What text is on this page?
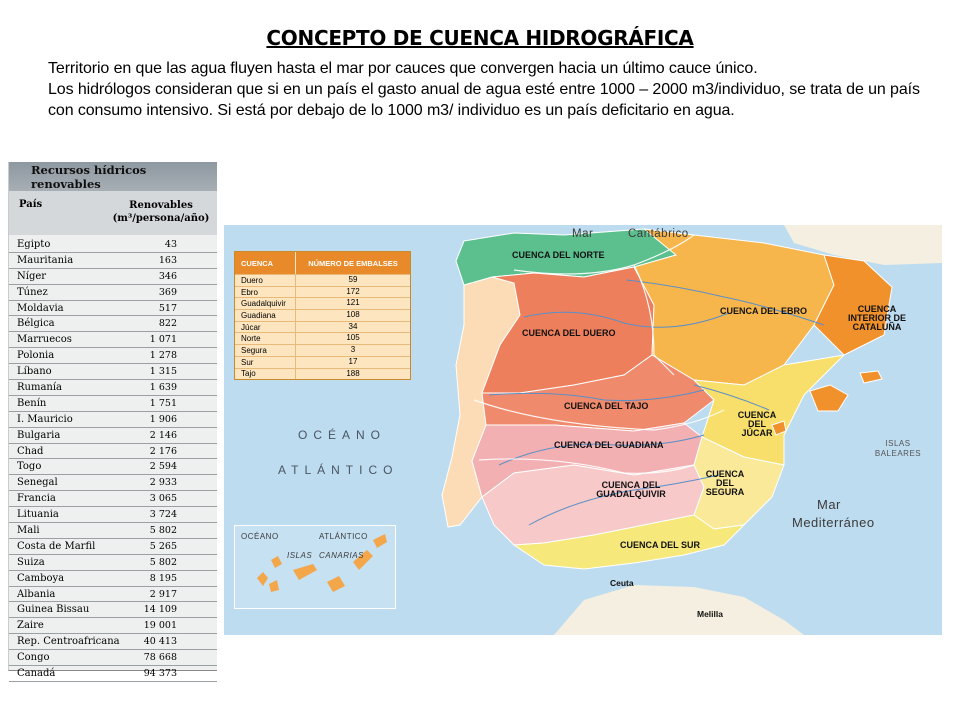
CONCEPTO DE CUENCA HIDROGRÁFICA

Territorio en que las agua fluyen hasta el mar por cauces que convergen hacia un último cauce único.

Los hidrólogos consideran que si en un país el gasto anual de agua esté entre 1000 – 2000 m3/individuo, se trata de un país con consumo intensivo. Si está por debajo de lo 1000 m3/ individuo es un país deficitario en agua.

Recursos hídricos renovables
País	Renovables (m³/persona/año)
Egipto	43
Mauritania	163
Níger	346
Túnez	369
Moldavia	517
Bélgica	822
Marruecos	1 071
Polonia	1 278
Líbano	1 315
Rumanía	1 639
Benín	1 751
I. Mauricio	1 906
Bulgaria	2 146
Chad	2 176
Togo	2 594
Senegal	2 933
Francia	3 065
Lituania	3 724
Mali	5 802
Costa de Marfil	5 265
Suiza	5 802
Camboya	8 195
Albania	2 917
Guinea Bissau	14 109
Zaire	19 001
Rep. Centroafricana	40 413
Congo	78 668
Canadá	94 373
CUENCA	NÚMERO DE EMBALSES
Duero	59
Ebro	172
Guadalquivir	121
Guadiana	108
Júcar	34
Norte	105
Segura	3
Sur	17
Tajo	188
Mar	Cantábrico
OCÉANO
ATLÁNTICO
Mar
Mediterráneo
ISLAS BALEARES
CUENCA DEL NORTE
CUENCA DEL DUERO
CUENCA DEL EBRO	CUENCA INTERIOR DE CATALUÑA
CUENCA DEL TAJO
CUENCA DEL GUADIANA
CUENCA DEL JÚCAR
CUENCA DEL GUADALQUIVIR
CUENCA DEL SEGURA
CUENCA DEL SUR
Ceuta
Melilla
OCÉANO	ATLÁNTICO
ISLAS CANARIAS
